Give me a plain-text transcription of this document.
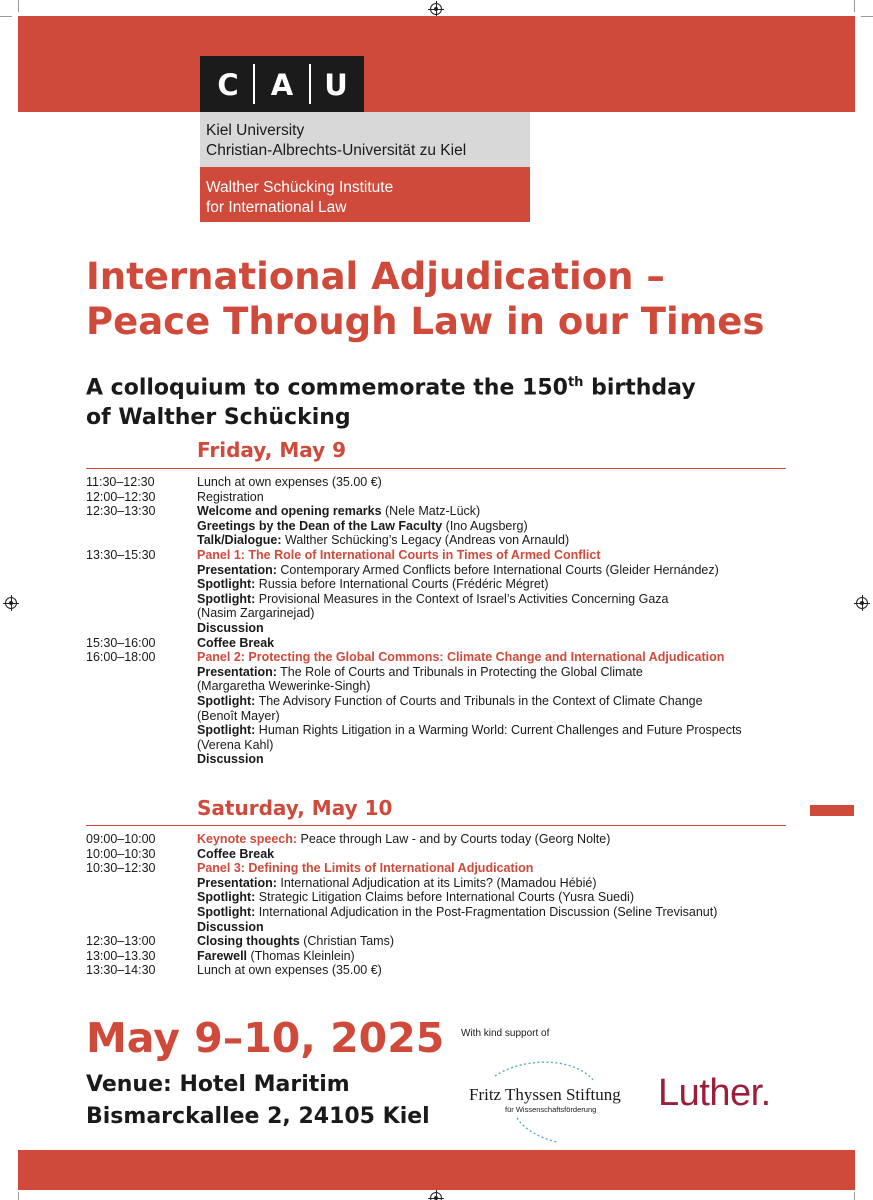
C A U
Kiel University
Christian-Albrechts-Universität zu Kiel
Walther Schücking Institute
for International Law
International Adjudication –
Peace Through Law in our Times
A colloquium to commemorate the 150th birthday
of Walther Schücking
Friday, May 9
11:30–12:30	Lunch at own expenses (35.00 €)

12:00–12:30	Registration

12:30–13:30	Welcome and opening remarks (Nele Matz-Lück)

Greetings by the Dean of the Law Faculty (Ino Augsberg)

Talk/Dialogue: Walther Schücking’s Legacy (Andreas von Arnauld)

13:30–15:30	Panel 1: The Role of International Courts in Times of Armed Conflict

Presentation: Contemporary Armed Conflicts before International Courts (Gleider Hernández)

Spotlight: Russia before International Courts (Frédéric Mégret)

Spotlight: Provisional Measures in the Context of Israel’s Activities Concerning Gaza

(Nasim Zargarinejad)

Discussion

15:30–16:00	Coffee Break

16:00–18:00	Panel 2: Protecting the Global Commons: Climate Change and International Adjudication

Presentation: The Role of Courts and Tribunals in Protecting the Global Climate

(Margaretha Wewerinke-Singh)

Spotlight: The Advisory Function of Courts and Tribunals in the Context of Climate Change

(Benoît Mayer)

Spotlight: Human Rights Litigation in a Warming World: Current Challenges and Future Prospects

(Verena Kahl)

Discussion

Saturday, May 10
09:00–10:00	Keynote speech: Peace through Law - and by Courts today (Georg Nolte)

10:00–10:30	Coffee Break

10:30–12:30	Panel 3: Defining the Limits of International Adjudication

Presentation: International Adjudication at its Limits? (Mamadou Hébié)

Spotlight: Strategic Litigation Claims before International Courts (Yusra Suedi)

Spotlight: International Adjudication in the Post-Fragmentation Discussion (Seline Trevisanut)

Discussion

12:30–13:00	Closing thoughts (Christian Tams)

13:00–13.30	Farewell (Thomas Kleinlein)

13:30–14:30	Lunch at own expenses (35.00 €)

May 9–10, 2025
Venue: Hotel Maritim
Bismarckallee 2, 24105 Kiel
With kind support of
Fritz Thyssen Stiftung
für Wissenschaftsförderung Luther.
